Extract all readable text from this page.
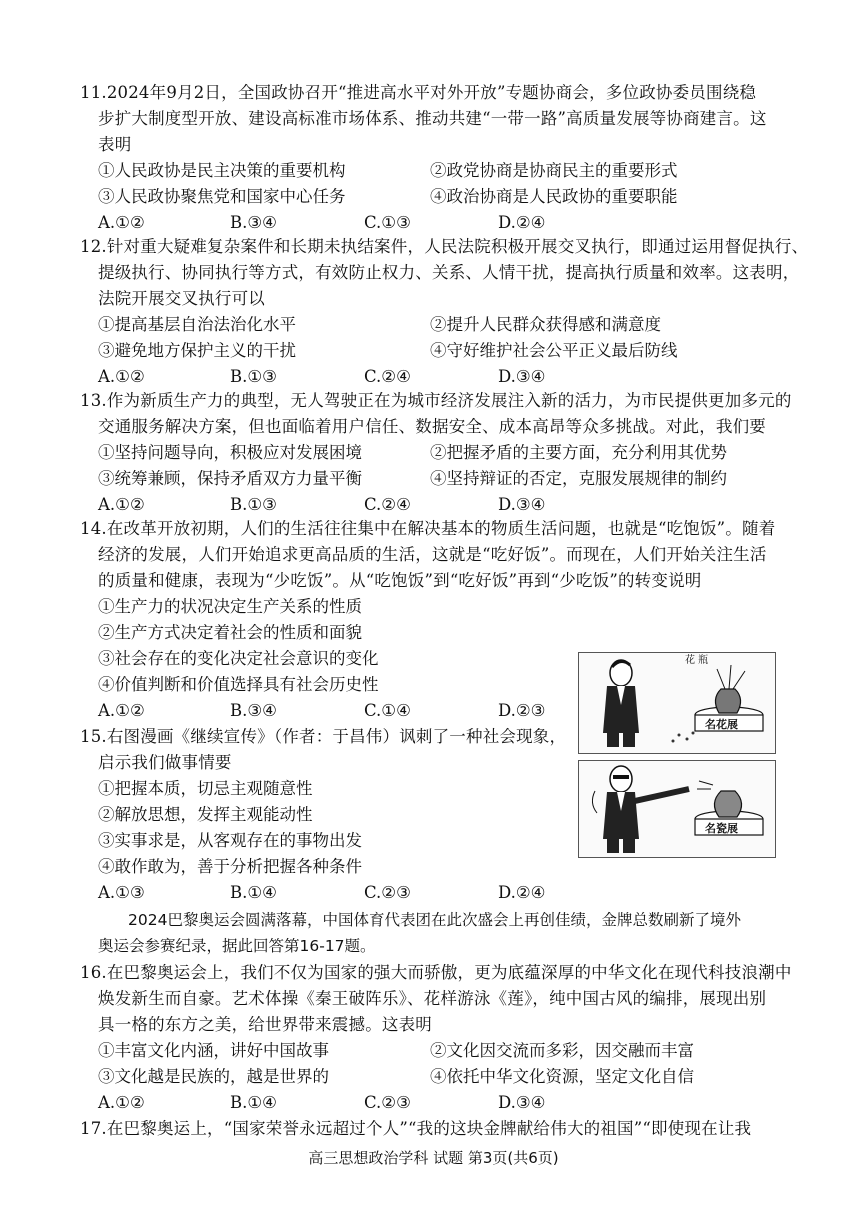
11.2024年9月2日，全国政协召开“推进高水平对外开放”专题协商会，多位政协委员围绕稳
步扩大制度型开放、建设高标准市场体系、推动共建“一带一路”高质量发展等协商建言。这
表明
①人民政协是民主决策的重要机构	②政党协商是协商民主的重要形式
③人民政协聚焦党和国家中心任务	④政治协商是人民政协的重要职能
A.①②	B.③④	C.①③	D.②④
12.针对重大疑难复杂案件和长期未执结案件，人民法院积极开展交叉执行，即通过运用督促执行、
提级执行、协同执行等方式，有效防止权力、关系、人情干扰，提高执行质量和效率。这表明，
法院开展交叉执行可以
①提高基层自治法治化水平	②提升人民群众获得感和满意度
③避免地方保护主义的干扰	④守好维护社会公平正义最后防线
A.①②	B.①③	C.②④	D.③④
13.作为新质生产力的典型，无人驾驶正在为城市经济发展注入新的活力，为市民提供更加多元的
交通服务解决方案，但也面临着用户信任、数据安全、成本高昂等众多挑战。对此，我们要
①坚持问题导向，积极应对发展困境	②把握矛盾的主要方面，充分利用其优势
③统筹兼顾，保持矛盾双方力量平衡	④坚持辩证的否定，克服发展规律的制约
A.①②	B.①③	C.②④	D.③④
14.在改革开放初期，人们的生活往往集中在解决基本的物质生活问题，也就是“吃饱饭”。随着
经济的发展，人们开始追求更高品质的生活，这就是“吃好饭”。而现在，人们开始关注生活
的质量和健康，表现为“少吃饭”。从“吃饱饭”到“吃好饭”再到“少吃饭”的转变说明
①生产力的状况决定生产关系的性质
②生产方式决定着社会的性质和面貌
③社会存在的变化决定社会意识的变化
④价值判断和价值选择具有社会历史性
A.①②	B.③④	C.①④	D.②③
花 瓶
名花展
15.右图漫画《继续宣传》（作者：于昌伟）讽刺了一种社会现象，
启示我们做事情要
①把握本质，切忌主观随意性
②解放思想，发挥主观能动性
③实事求是，从客观存在的事物出发
④敢作敢为，善于分析把握各种条件
A.①③	B.①④	C.②③	D.②④
名瓷展
2024巴黎奥运会圆满落幕，中国体育代表团在此次盛会上再创佳绩，金牌总数刷新了境外
奥运会参赛纪录，据此回答第16-17题。
16.在巴黎奥运会上，我们不仅为国家的强大而骄傲，更为底蕴深厚的中华文化在现代科技浪潮中
焕发新生而自豪。艺术体操《秦王破阵乐》、花样游泳《莲》，纯中国古风的编排，展现出别
具一格的东方之美，给世界带来震撼。这表明
①丰富文化内涵，讲好中国故事	②文化因交流而多彩，因交融而丰富
③文化越是民族的，越是世界的	④依托中华文化资源，坚定文化自信
A.①②	B.①④	C.②③	D.③④
17.在巴黎奥运上，“国家荣誉永远超过个人”“我的这块金牌献给伟大的祖国”“即使现在让我
高三思想政治学科 试题 第3页(共6页)
